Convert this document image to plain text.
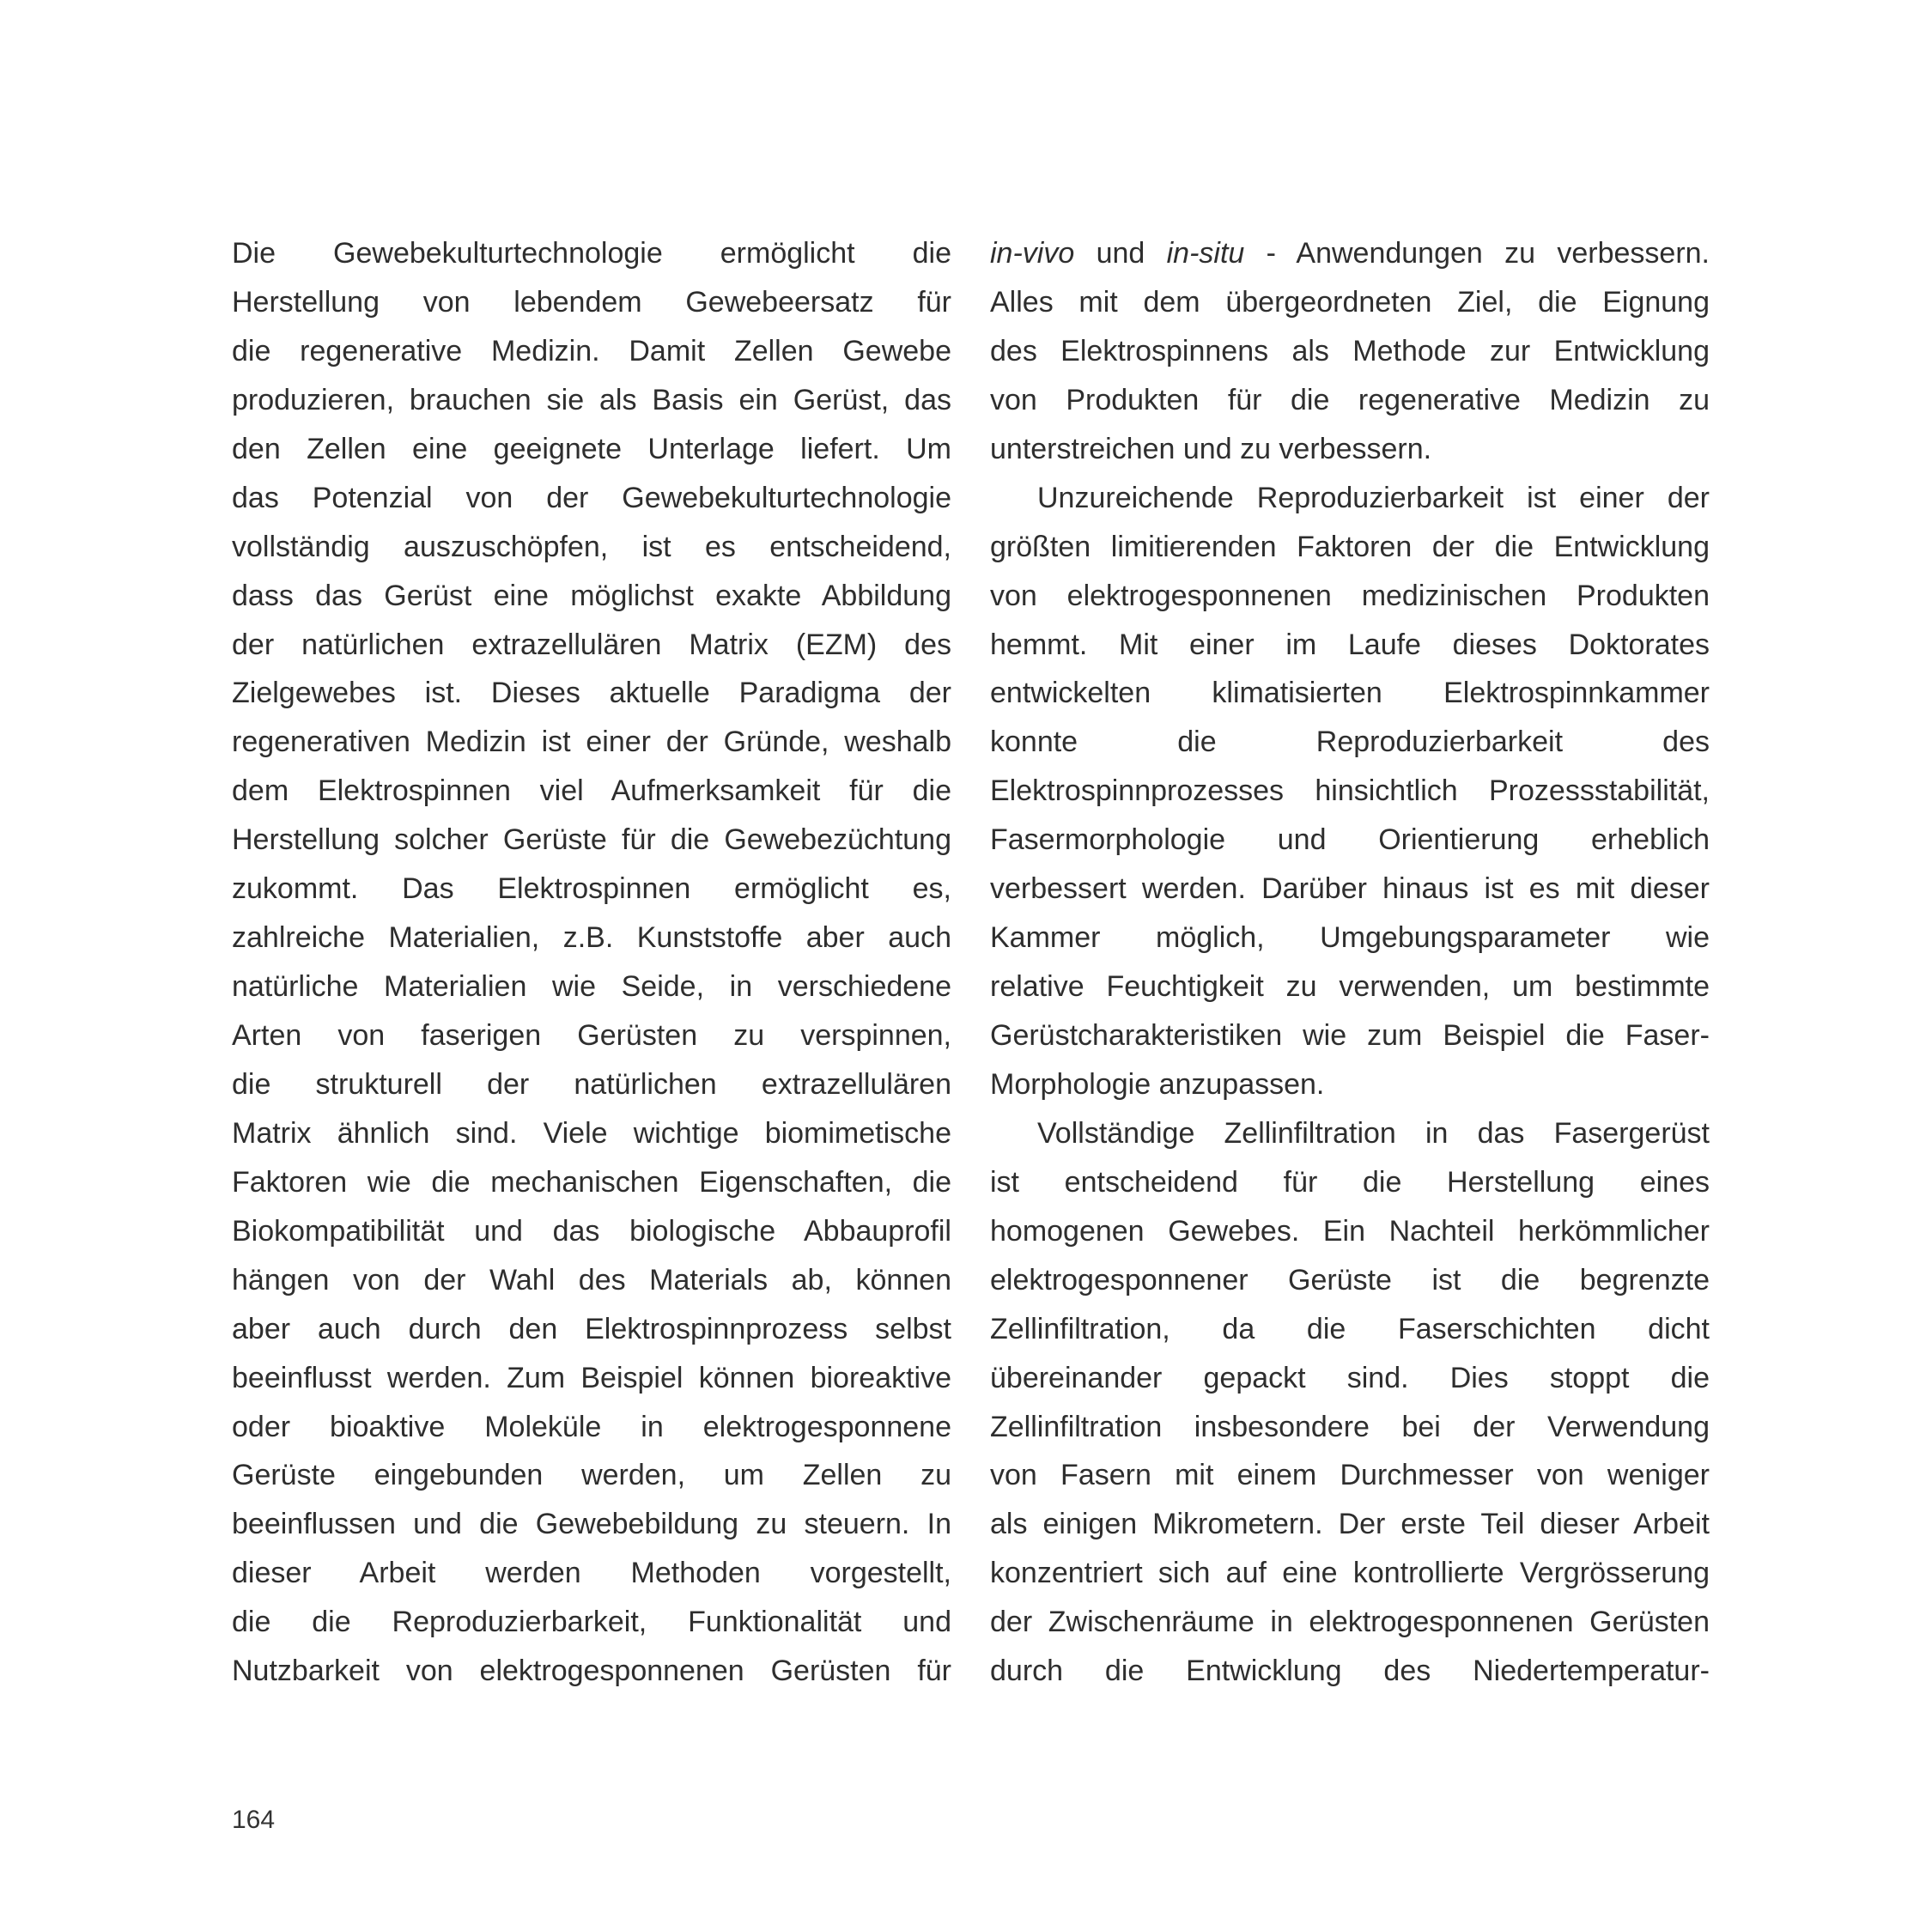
Die Gewebekulturtechnologie ermöglicht die
Herstellung von lebendem Gewebeersatz für
die regenerative Medizin. Damit Zellen Gewebe
produzieren, brauchen sie als Basis ein Gerüst, das
den Zellen eine geeignete Unterlage liefert. Um
das Potenzial von der Gewebekulturtechnologie
vollständig auszuschöpfen, ist es entscheidend,
dass das Gerüst eine möglichst exakte Abbildung
der natürlichen extrazellulären Matrix (EZM) des
Zielgewebes ist. Dieses aktuelle Paradigma der
regenerativen Medizin ist einer der Gründe, weshalb
dem Elektrospinnen viel Aufmerksamkeit für die
Herstellung solcher Gerüste für die Gewebezüchtung
zukommt. Das Elektrospinnen ermöglicht es,
zahlreiche Materialien, z.B. Kunststoffe aber auch
natürliche Materialien wie Seide, in verschiedene
Arten von faserigen Gerüsten zu verspinnen,
die strukturell der natürlichen extrazellulären
Matrix ähnlich sind. Viele wichtige biomimetische
Faktoren wie die mechanischen Eigenschaften, die
Biokompatibilität und das biologische Abbauprofil
hängen von der Wahl des Materials ab, können
aber auch durch den Elektrospinnprozess selbst
beeinflusst werden. Zum Beispiel können bioreaktive
oder bioaktive Moleküle in elektrogesponnene
Gerüste eingebunden werden, um Zellen zu
beeinflussen und die Gewebebildung zu steuern. In
dieser Arbeit werden Methoden vorgestellt,
die die Reproduzierbarkeit, Funktionalität und
Nutzbarkeit von elektrogesponnenen Gerüsten für
in-vivo und in-situ - Anwendungen zu verbessern.
Alles mit dem übergeordneten Ziel, die Eignung
des Elektrospinnens als Methode zur Entwicklung
von Produkten für die regenerative Medizin zu
unterstreichen und zu verbessern.
Unzureichende Reproduzierbarkeit ist einer der
größten limitierenden Faktoren der die Entwicklung
von elektrogesponnenen medizinischen Produkten
hemmt. Mit einer im Laufe dieses Doktorates
entwickelten klimatisierten Elektrospinnkammer
konnte die Reproduzierbarkeit des
Elektrospinnprozesses hinsichtlich Prozessstabilität,
Fasermorphologie und Orientierung erheblich
verbessert werden. Darüber hinaus ist es mit dieser
Kammer möglich, Umgebungsparameter wie
relative Feuchtigkeit zu verwenden, um bestimmte
Gerüstcharakteristiken wie zum Beispiel die Faser-
Morphologie anzupassen.
Vollständige Zellinfiltration in das Fasergerüst
ist entscheidend für die Herstellung eines
homogenen Gewebes. Ein Nachteil herkömmlicher
elektrogesponnener Gerüste ist die begrenzte
Zellinfiltration, da die Faserschichten dicht
übereinander gepackt sind. Dies stoppt die
Zellinfiltration insbesondere bei der Verwendung
von Fasern mit einem Durchmesser von weniger
als einigen Mikrometern. Der erste Teil dieser Arbeit
konzentriert sich auf eine kontrollierte Vergrösserung
der Zwischenräume in elektrogesponnenen Gerüsten
durch die Entwicklung des Niedertemperatur-
164
